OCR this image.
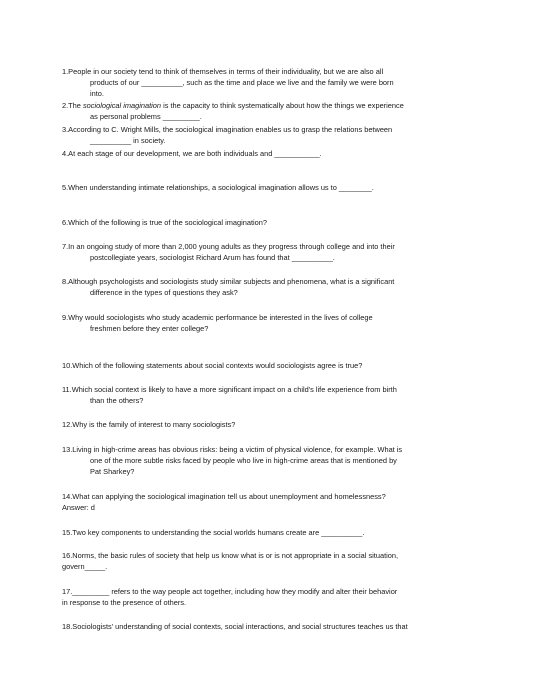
1.People in our society tend to think of themselves in terms of their individuality, but we are also all
products of our __________, such as the time and place we live and the family we were born
into.
2.The sociological imagination is the capacity to think systematically about how the things we experience
as personal problems _________.
3.According to C. Wright Mills, the sociological imagination enables us to grasp the relations between
__________ in society.
4.At each stage of our development, we are both individuals and ___________.
5.When understanding intimate relationships, a sociological imagination allows us to ________.
6.Which of the following is true of the sociological imagination?
7.In an ongoing study of more than 2,000 young adults as they progress through college and into their
postcollegiate years, sociologist Richard Arum has found that __________.
8.Although psychologists and sociologists study similar subjects and phenomena, what is a significant
difference in the types of questions they ask?
9.Why would sociologists who study academic performance be interested in the lives of college
freshmen before they enter college?
10.Which of the following statements about social contexts would sociologists agree is true?
11.Which social context is likely to have a more significant impact on a child's life experience from birth
than the others?
12.Why is the family of interest to many sociologists?
13.Living in high-crime areas has obvious risks: being a victim of physical violence, for example. What is
one of the more subtle risks faced by people who live in high-crime areas that is mentioned by
Pat Sharkey?
14.What can applying the sociological imagination tell us about unemployment and homelessness?
Answer: d
15.Two key components to understanding the social worlds humans create are __________.
16.Norms, the basic rules of society that help us know what is or is not appropriate in a social situation,
govern_____.
17._________ refers to the way people act together, including how they modify and alter their behavior
in response to the presence of others.
18.Sociologists' understanding of social contexts, social interactions, and social structures teaches us that
